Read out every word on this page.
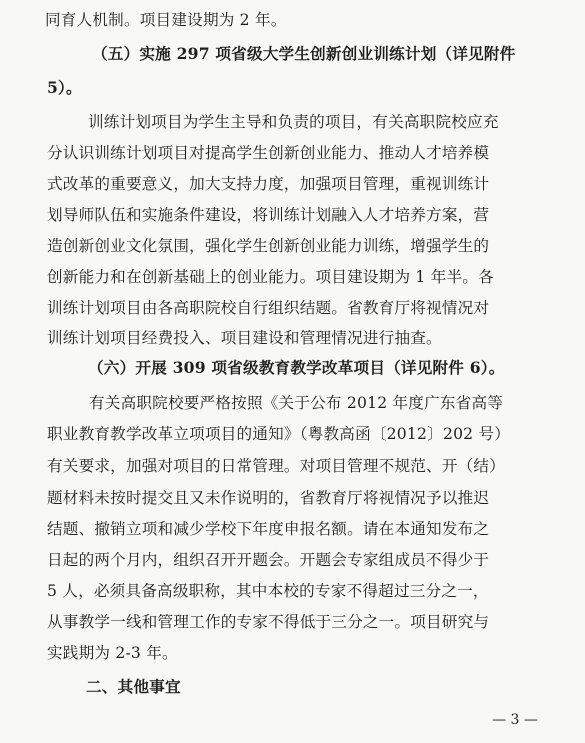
同育人机制。项目建设期为 2 年。
（五）实施 297 项省级大学生创新创业训练计划（详见附件
5）。
训练计划项目为学生主导和负责的项目，有关高职院校应充
分认识训练计划项目对提高学生创新创业能力、推动人才培养模
式改革的重要意义，加大支持力度，加强项目管理，重视训练计
划导师队伍和实施条件建设，将训练计划融入人才培养方案，营
造创新创业文化氛围，强化学生创新创业能力训练，增强学生的
创新能力和在创新基础上的创业能力。项目建设期为 1 年半。各
训练计划项目由各高职院校自行组织结题。省教育厅将视情况对
训练计划项目经费投入、项目建设和管理情况进行抽查。
（六）开展 309 项省级教育教学改革项目（详见附件 6）。
有关高职院校要严格按照《关于公布 2012 年度广东省高等
职业教育教学改革立项项目的通知》（粤教高函〔2012〕202 号）
有关要求，加强对项目的日常管理。对项目管理不规范、开（结）
题材料未按时提交且又未作说明的，省教育厅将视情况予以推迟
结题、撤销立项和减少学校下年度申报名额。请在本通知发布之
日起的两个月内，组织召开开题会。开题会专家组成员不得少于
5 人，必须具备高级职称，其中本校的专家不得超过三分之一，
从事教学一线和管理工作的专家不得低于三分之一。项目研究与
实践期为 2-3 年。
二、其他事宜
— 3 —
